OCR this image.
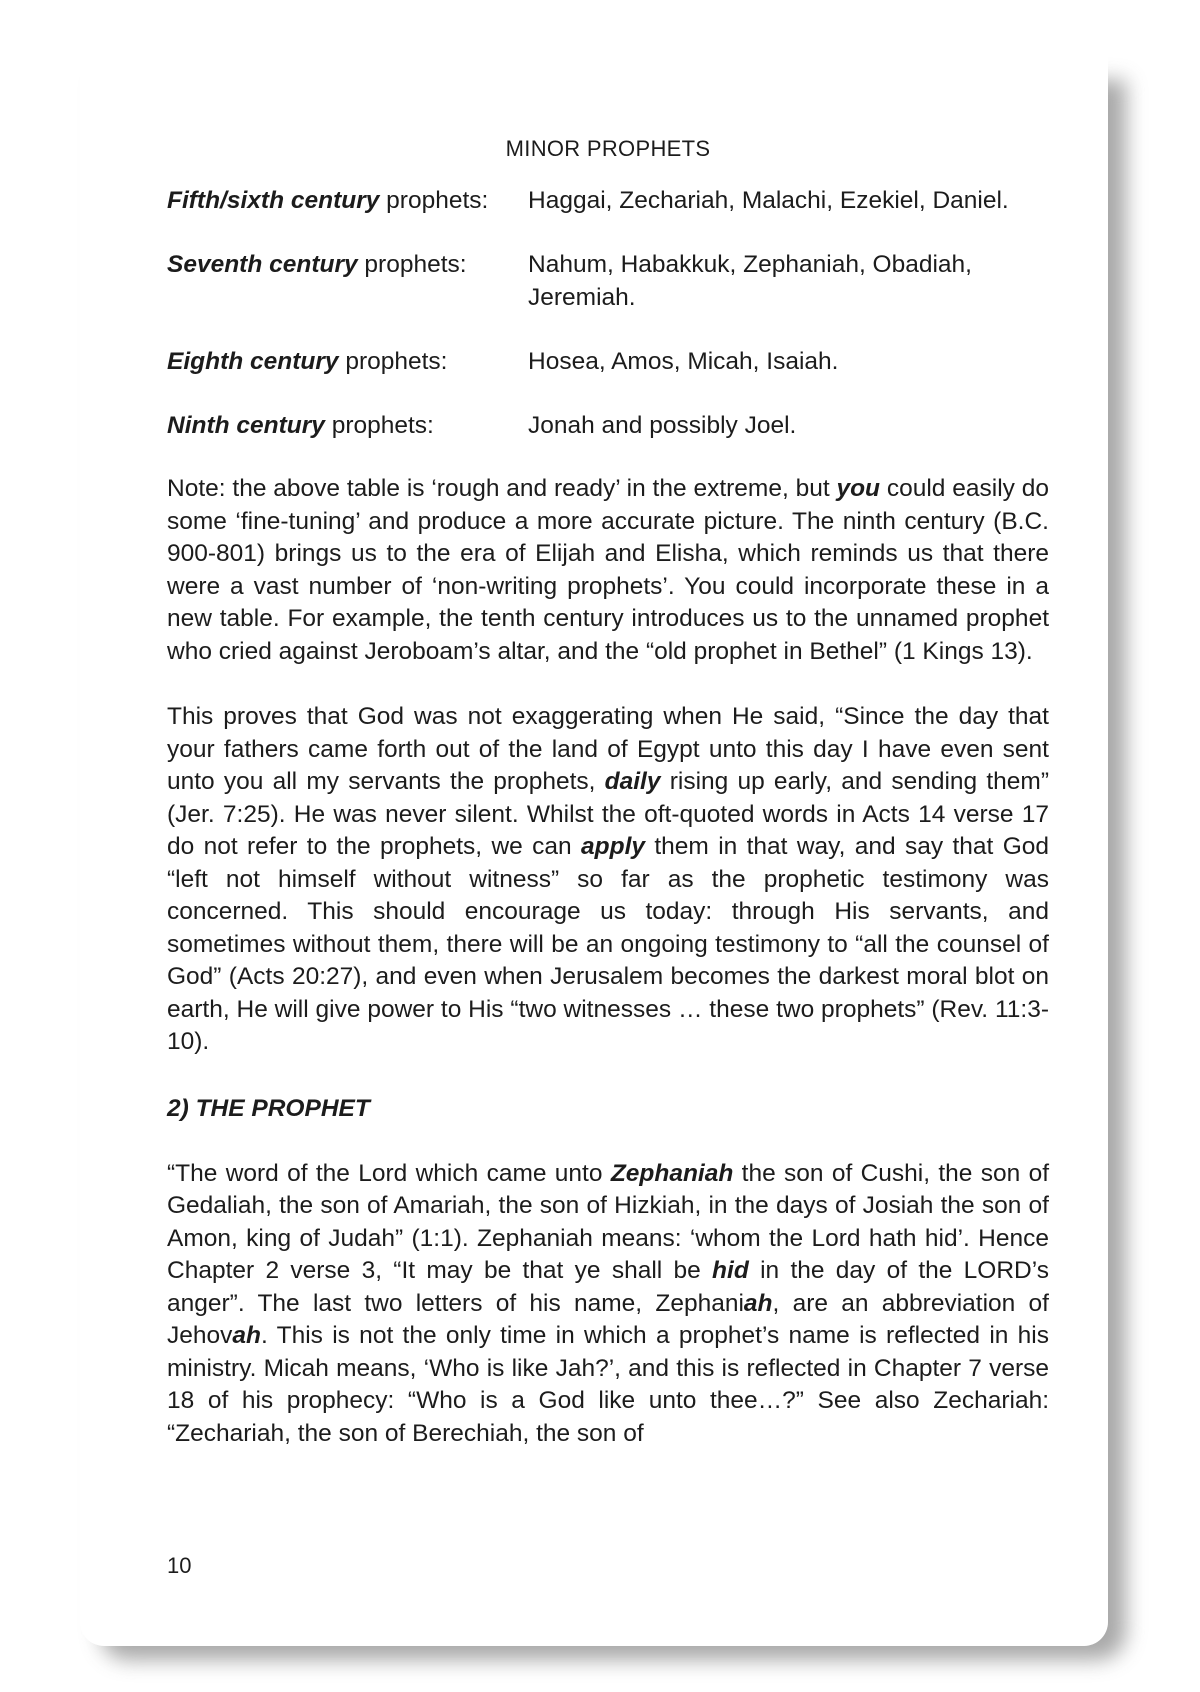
MINOR PROPHETS
Fifth/sixth century prophets:	Haggai, Zechariah, Malachi, Ezekiel, Daniel.
Seventh century prophets:	Nahum, Habakkuk, Zephaniah, Obadiah, Jeremiah.
Eighth century prophets:	Hosea, Amos, Micah, Isaiah.
Ninth century prophets:	Jonah and possibly Joel.

Note: the above table is ‘rough and ready’ in the extreme, but you could easily do some ‘fine-tuning’ and produce a more accurate picture. The ninth century (B.C. 900-801) brings us to the era of Elijah and Elisha, which reminds us that there were a vast number of ‘non-writing prophets’. You could incorporate these in a new table. For example, the tenth century introduces us to the unnamed prophet who cried against Jeroboam’s altar, and the “old prophet in Bethel” (1 Kings 13).

This proves that God was not exaggerating when He said, “Since the day that your fathers came forth out of the land of Egypt unto this day I have even sent unto you all my servants the prophets, daily rising up early, and sending them” (Jer. 7:25). He was never silent. Whilst the oft-quoted words in Acts 14 verse 17 do not refer to the prophets, we can apply them in that way, and say that God “left not himself without witness” so far as the prophetic testimony was concerned. This should encourage us today: through His servants, and sometimes without them, there will be an ongoing testimony to “all the counsel of God” (Acts 20:27), and even when Jerusalem becomes the darkest moral blot on earth, He will give power to His “two witnesses … these two prophets” (Rev. 11:3-10).

2) THE PROPHET

“The word of the Lord which came unto Zephaniah the son of Cushi, the son of Gedaliah, the son of Amariah, the son of Hizkiah, in the days of Josiah the son of Amon, king of Judah” (1:1). Zephaniah means: ‘whom the Lord hath hid’. Hence Chapter 2 verse 3, “It may be that ye shall be hid in the day of the LORD’s anger”. The last two letters of his name, Zephaniah, are an abbreviation of Jehovah. This is not the only time in which a prophet’s name is reflected in his ministry. Micah means, ‘Who is like Jah?’, and this is reflected in Chapter 7 verse 18 of his prophecy: “Who is a God like unto thee…?” See also Zechariah: “Zechariah, the son of Berechiah, the son of

10
